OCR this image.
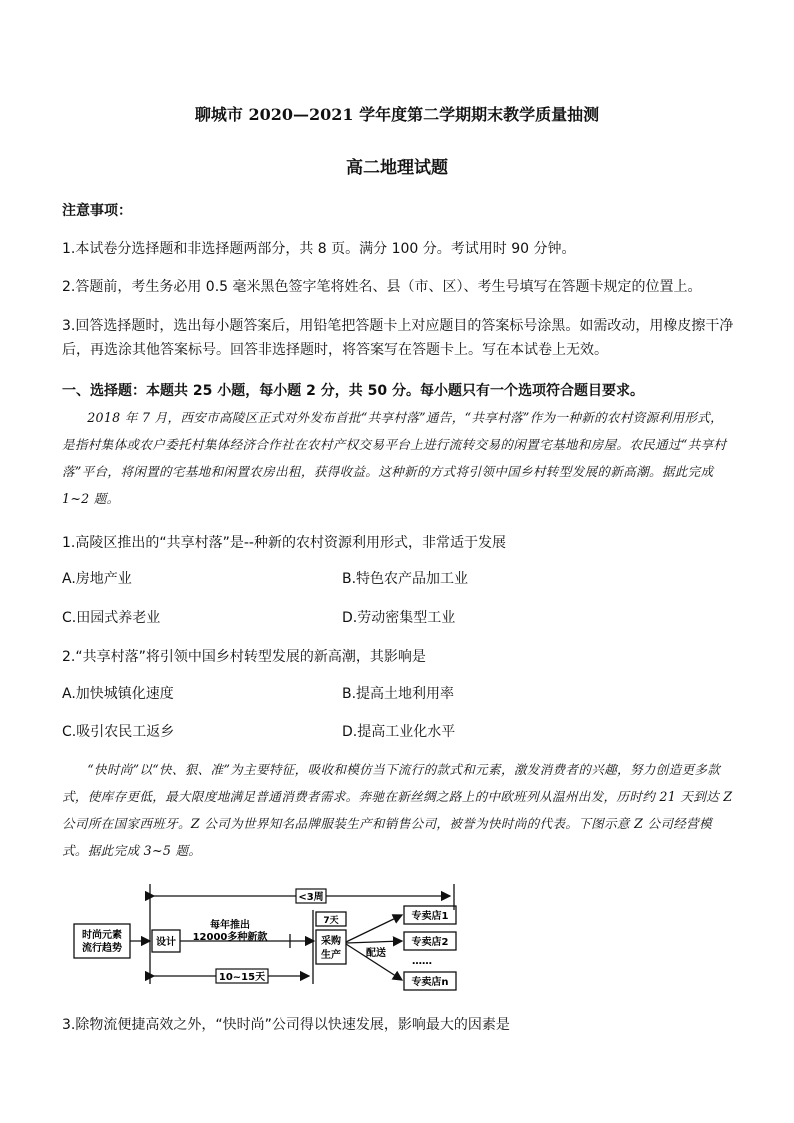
聊城市 2020—2021 学年度第二学期期末教学质量抽测
高二地理试题
注意事项：
1.本试卷分选择题和非选择题两部分，共 8 页。满分 100 分。考试用时 90 分钟。
2.答题前，考生务必用 0.5 毫米黑色签字笔将姓名、县（市、区）、考生号填写在答题卡规定的位置上。
3.回答选择题时，选出每小题答案后，用铅笔把答题卡上对应题目的答案标号涂黑。如需改动，用橡皮擦干净后，再选涂其他答案标号。回答非选择题时，将答案写在答题卡上。写在本试卷上无效。
一、选择题：本题共 25 小题，每小题 2 分，共 50 分。每小题只有一个选项符合题目要求。
2018 年 7 月，西安市高陵区正式对外发布首批“共享村落”通告，“共享村落”作为一种新的农村资源利用形式，是指村集体或农户委托村集体经济合作社在农村产权交易平台上进行流转交易的闲置宅基地和房屋。农民通过“共享村落”平台，将闲置的宅基地和闲置农房出租，获得收益。这种新的方式将引领中国乡村转型发展的新高潮。据此完成 1~2 题。
1.高陵区推出的“共享村落”是--种新的农村资源利用形式，非常适于发展
A.房地产业	B.特色农产品加工业
C.田园式养老业	D.劳动密集型工业
2.“共享村落”将引领中国乡村转型发展的新高潮，其影响是
A.加快城镇化速度	B.提高土地利用率
C.吸引农民工返乡	D.提高工业化水平
“快时尚”以“快、狠、准”为主要特征，吸收和模仿当下流行的款式和元素，激发消费者的兴趣，努力创造更多款式，使库存更低，最大限度地满足普通消费者需求。奔驰在新丝绸之路上的中欧班列从温州出发，历时约 21 天到达 Z 公司所在国家西班牙。Z 公司为世界知名品牌服装生产和销售公司，被誉为快时尚的代表。下图示意 Z 公司经营模式。据此完成 3~5 题。
<3周
时尚元素
流行趋势
设计
每年推出
12000多种新款
7天
采购
生产	配送
专卖店1
专卖店2
……
专卖店n
10~15天
3.除物流便捷高效之外，“快时尚”公司得以快速发展，影响最大的因素是
